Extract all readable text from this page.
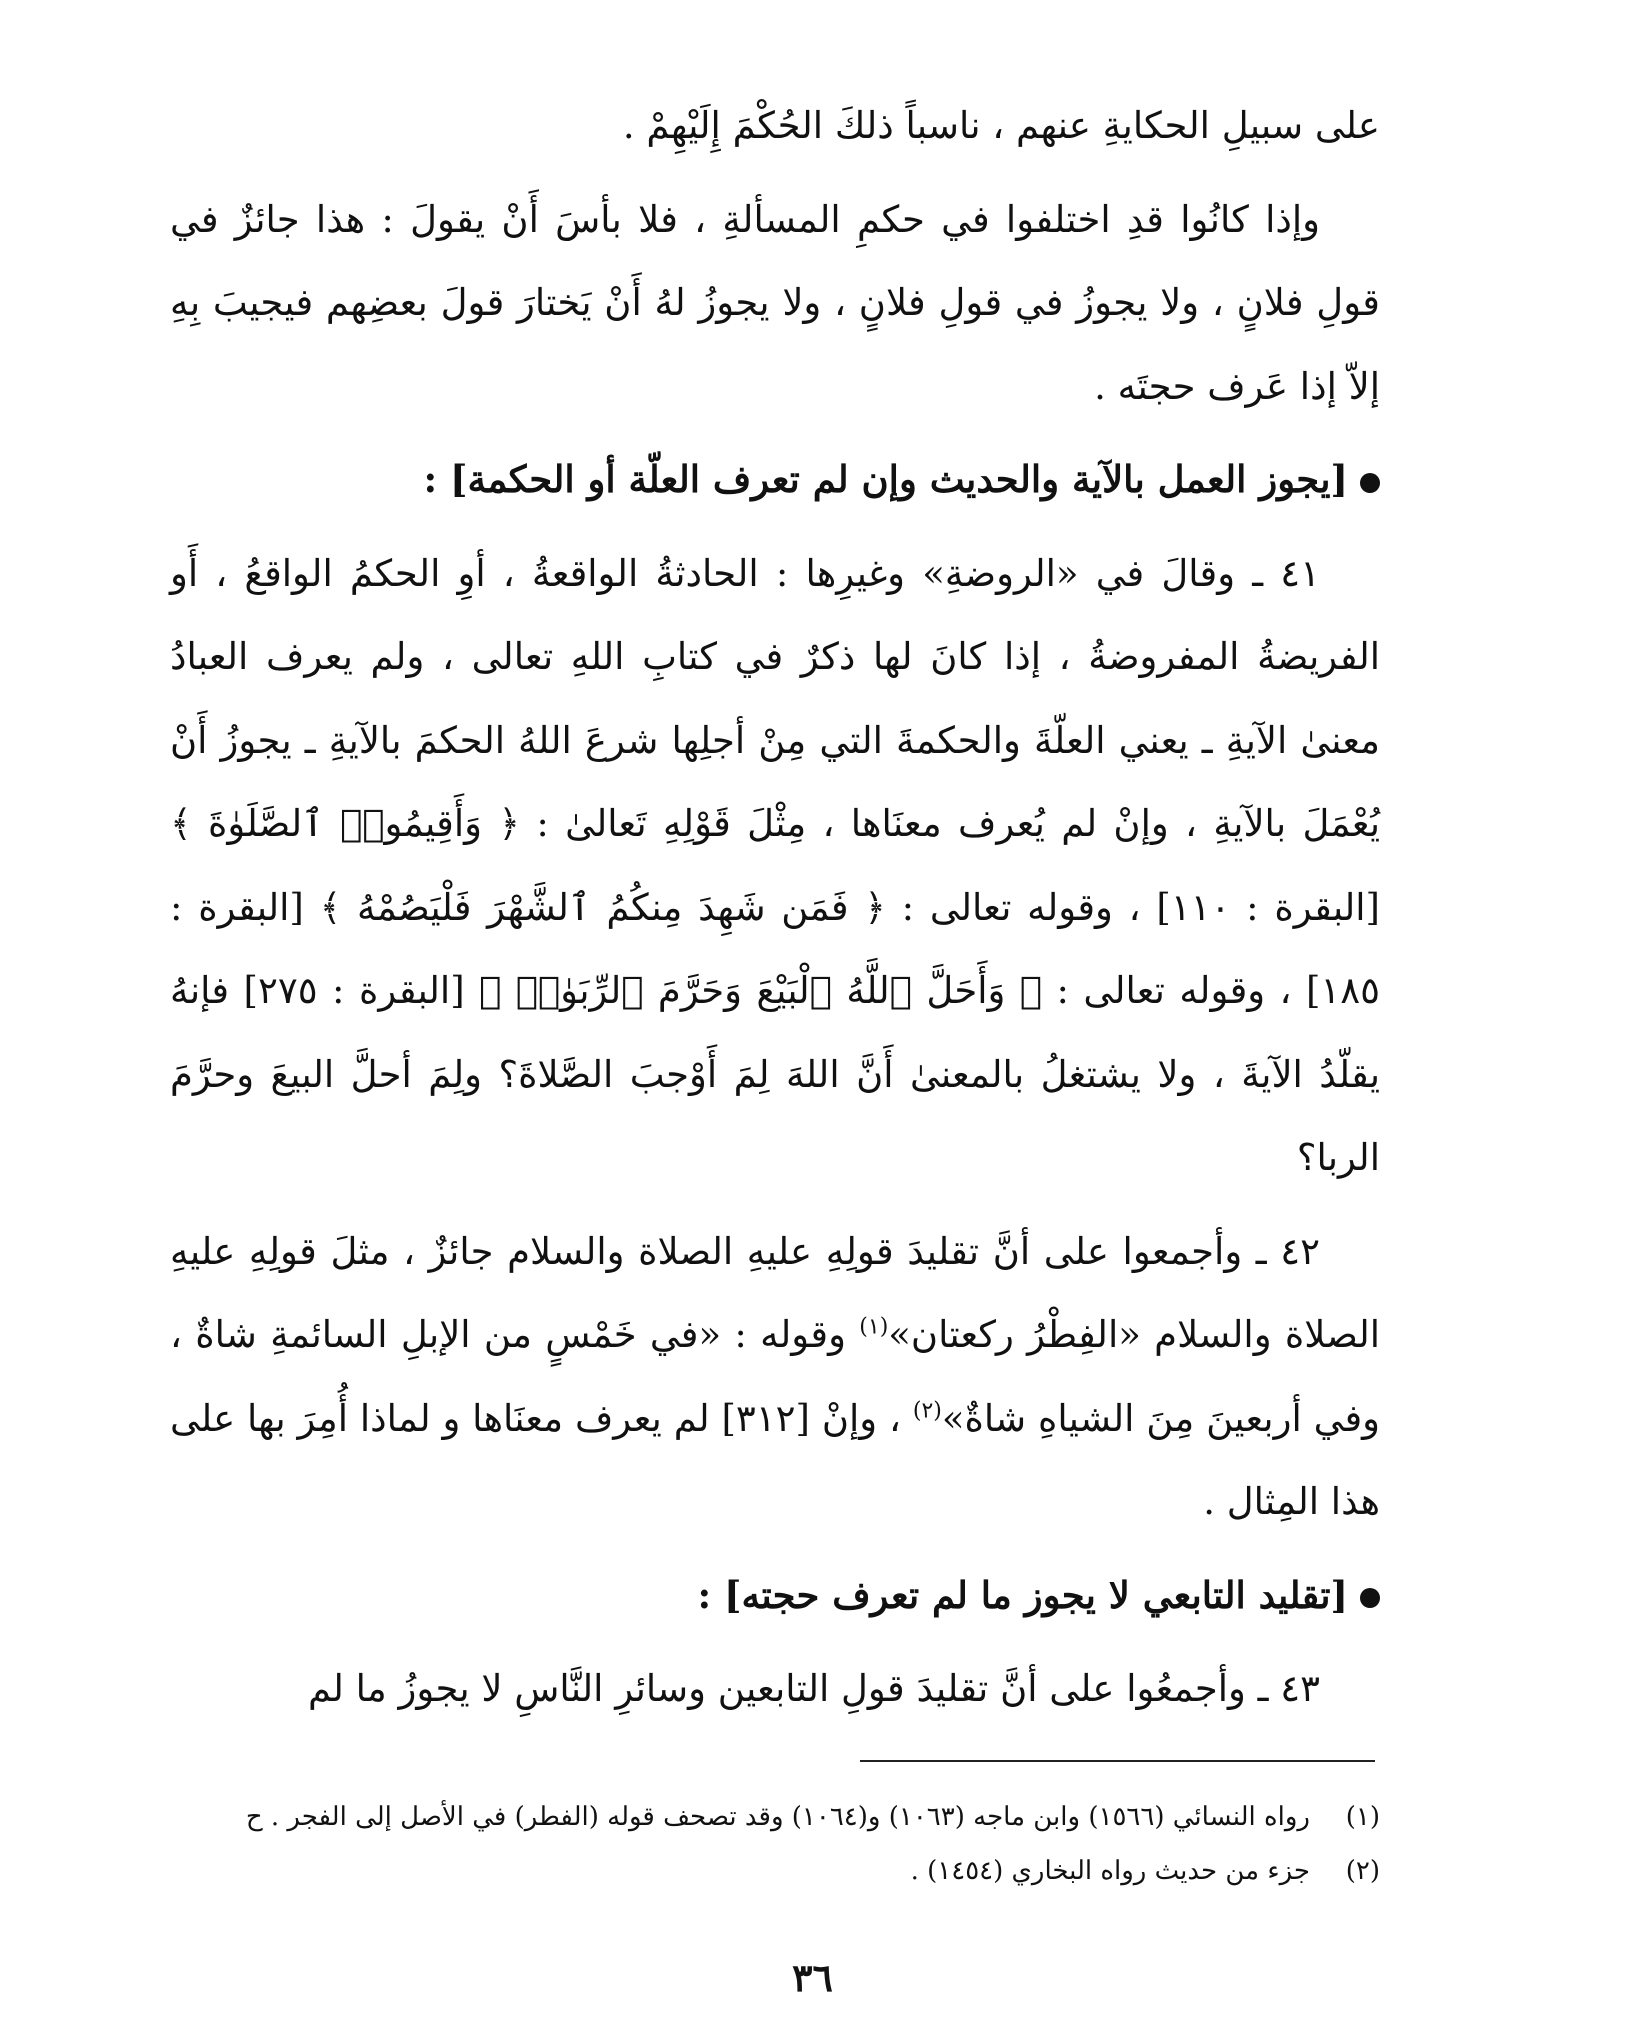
على سبيلِ الحكايةِ عنهم ، ناسباً ذلكَ الحُكْمَ إِلَيْهِمْ .

وإذا كانُوا قدِ اختلفوا في حكمِ المسألةِ ، فلا بأسَ أَنْ يقولَ : هذا جائزٌ في قولِ فلانٍ ، ولا يجوزُ في قولِ فلانٍ ، ولا يجوزُ لهُ أَنْ يَختارَ قولَ بعضِهم فيجيبَ بِهِ إلاّ إذا عَرف حجتَه .

[يجوز العمل بالآية والحديث وإن لم تعرف العلّة أو الحكمة] :

٤١ ـ وقالَ في «الروضةِ» وغيرِها : الحادثةُ الواقعةُ ، أوِ الحكمُ الواقعُ ، أَو الفريضةُ المفروضةُ ، إذا كانَ لها ذكرٌ في كتابِ اللهِ تعالى ، ولم يعرف العبادُ معنىٰ الآيةِ ـ يعني العلّةَ والحكمةَ التي مِنْ أجلِها شرعَ اللهُ الحكمَ بالآيةِ ـ يجوزُ أَنْ يُعْمَلَ بالآيةِ ، وإنْ لم يُعرف معنَاها ، مِثْلَ قَوْلِهِ تَعالىٰ : ﴿ وَأَقِيمُوا۟ ٱلصَّلَوٰةَ ﴾ [البقرة : ١١٠] ، وقوله تعالى : ﴿ فَمَن شَهِدَ مِنكُمُ ٱلشَّهْرَ فَلْيَصُمْهُ ﴾ [البقرة : ١٨٥] ، وقوله تعالى : ﴿ وَأَحَلَّ ٱللَّهُ ٱلْبَيْعَ وَحَرَّمَ ٱلرِّبَوٰا۟ ﴾ [البقرة : ٢٧٥] فإنهُ يقلّدُ الآيةَ ، ولا يشتغلُ بالمعنىٰ أَنَّ اللهَ لِمَ أَوْجبَ الصَّلاةَ؟ ولِمَ أحلَّ البيعَ وحرَّمَ الربا؟

٤٢ ـ وأجمعوا على أنَّ تقليدَ قولِهِ عليهِ الصلاة والسلام جائزٌ ، مثلَ قولِهِ عليهِ الصلاة والسلام «الفِطْرُ ركعتان»$^{(١)}$ وقوله : «في خَمْسٍ من الإبلِ السائمةِ شاةٌ ، وفي أربعينَ مِنَ الشياهِ شاةٌ»$^{(٢)}$ ، وإنْ [٣١٢] لم يعرف معنَاها و لماذا أُمِرَ بها على هذا المِثال .

[تقليد التابعي لا يجوز ما لم تعرف حجته] :

٤٣ ـ وأجمعُوا على أنَّ تقليدَ قولِ التابعين وسائرِ النَّاسِ لا يجوزُ ما لم

(١)
رواه النسائي (١٥٦٦) وابن ماجه (١٠٦٣) و(١٠٦٤) وقد تصحف قوله (الفطر) في الأصل إلى الفجر . ح
(٢)
جزء من حديث رواه البخاري (١٤٥٤) .
٣٦
